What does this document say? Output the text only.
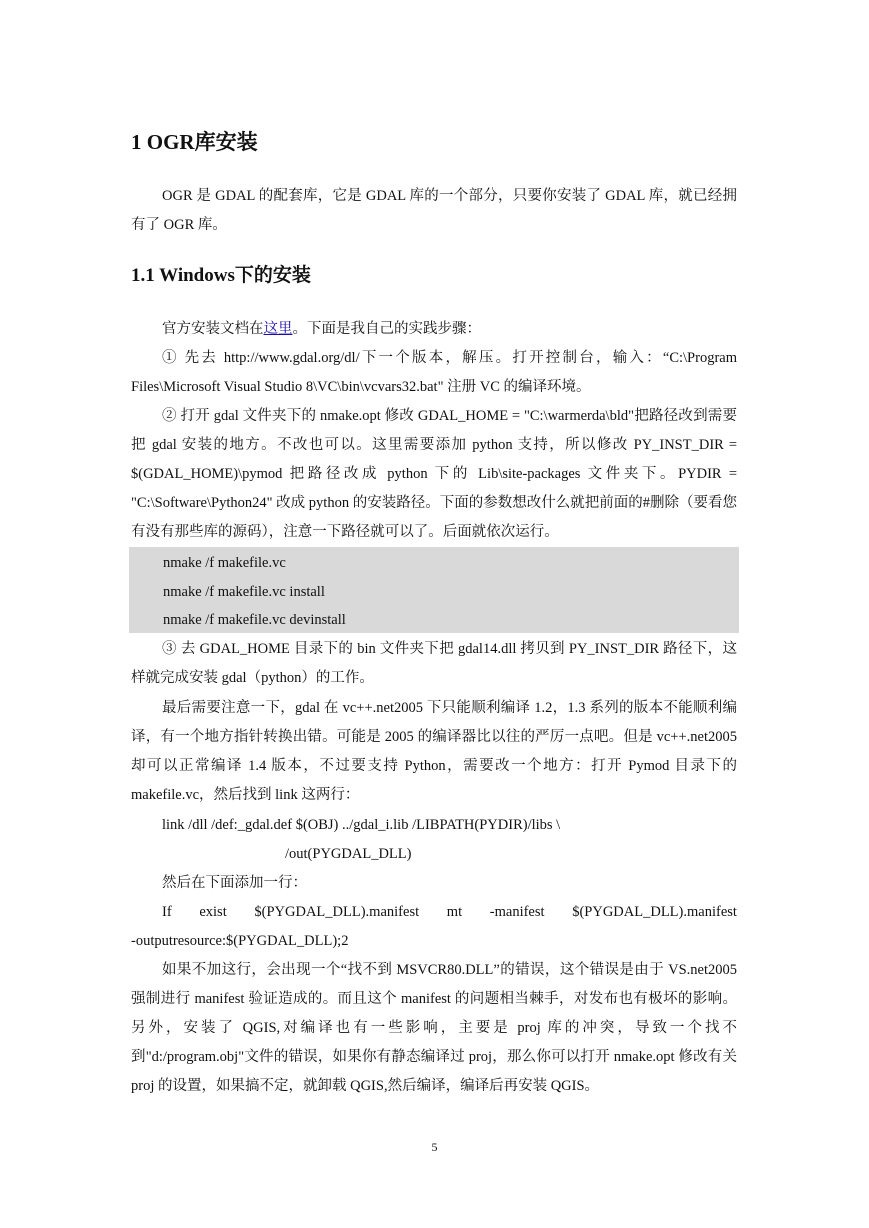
1 OGR库安装
OGR 是 GDAL 的配套库，它是 GDAL 库的一个部分，只要你安装了 GDAL 库，就已经拥有了 OGR 库。
1.1 Windows下的安装
官方安装文档在这里。下面是我自己的实践步骤：
① 先去 http://www.gdal.org/dl/下一个版本，解压。打开控制台，输入：“C:\Program Files\Microsoft Visual Studio 8\VC\bin\vcvars32.bat" 注册 VC 的编译环境。
② 打开 gdal 文件夹下的 nmake.opt 修改 GDAL_HOME = "C:\warmerda\bld"把路径改到需要把 gdal 安装的地方。不改也可以。这里需要添加 python 支持，所以修改 PY_INST_DIR = $(GDAL_HOME)\pymod 把路径改成 python 下的 Lib\site-packages 文件夹下。PYDIR = "C:\Software\Python24" 改成 python 的安装路径。下面的参数想改什么就把前面的#删除（要看您有没有那些库的源码），注意一下路径就可以了。后面就依次运行。
nmake /f makefile.vc
nmake /f makefile.vc install
nmake /f makefile.vc devinstall
③ 去 GDAL_HOME 目录下的 bin 文件夹下把 gdal14.dll 拷贝到 PY_INST_DIR 路径下，这样就完成安装 gdal（python）的工作。
最后需要注意一下，gdal 在 vc++.net2005 下只能顺利编译 1.2，1.3 系列的版本不能顺利编译，有一个地方指针转换出错。可能是 2005 的编译器比以往的严厉一点吧。但是 vc++.net2005 却可以正常编译 1.4 版本，不过要支持 Python，需要改一个地方：打开 Pymod 目录下的 makefile.vc，然后找到 link 这两行：
link /dll /def:_gdal.def $(OBJ) ../gdal_i.lib /LIBPATH(PYDIR)/libs \
/out(PYGDAL_DLL)
然后在下面添加一行：
If exist $(PYGDAL_DLL).manifest mt -manifest $(PYGDAL_DLL).manifest
-outputresource:$(PYGDAL_DLL);2
如果不加这行，会出现一个“找不到 MSVCR80.DLL”的错误，这个错误是由于 VS.net2005 强制进行 manifest 验证造成的。而且这个 manifest 的问题相当棘手，对发布也有极坏的影响。另外，安装了 QGIS,对编译也有一些影响，主要是 proj 库的冲突，导致一个找不到"d:/program.obj"文件的错误，如果你有静态编译过 proj，那么你可以打开 nmake.opt 修改有关 proj 的设置，如果搞不定，就卸载 QGIS,然后编译，编译后再安装 QGIS。
5
